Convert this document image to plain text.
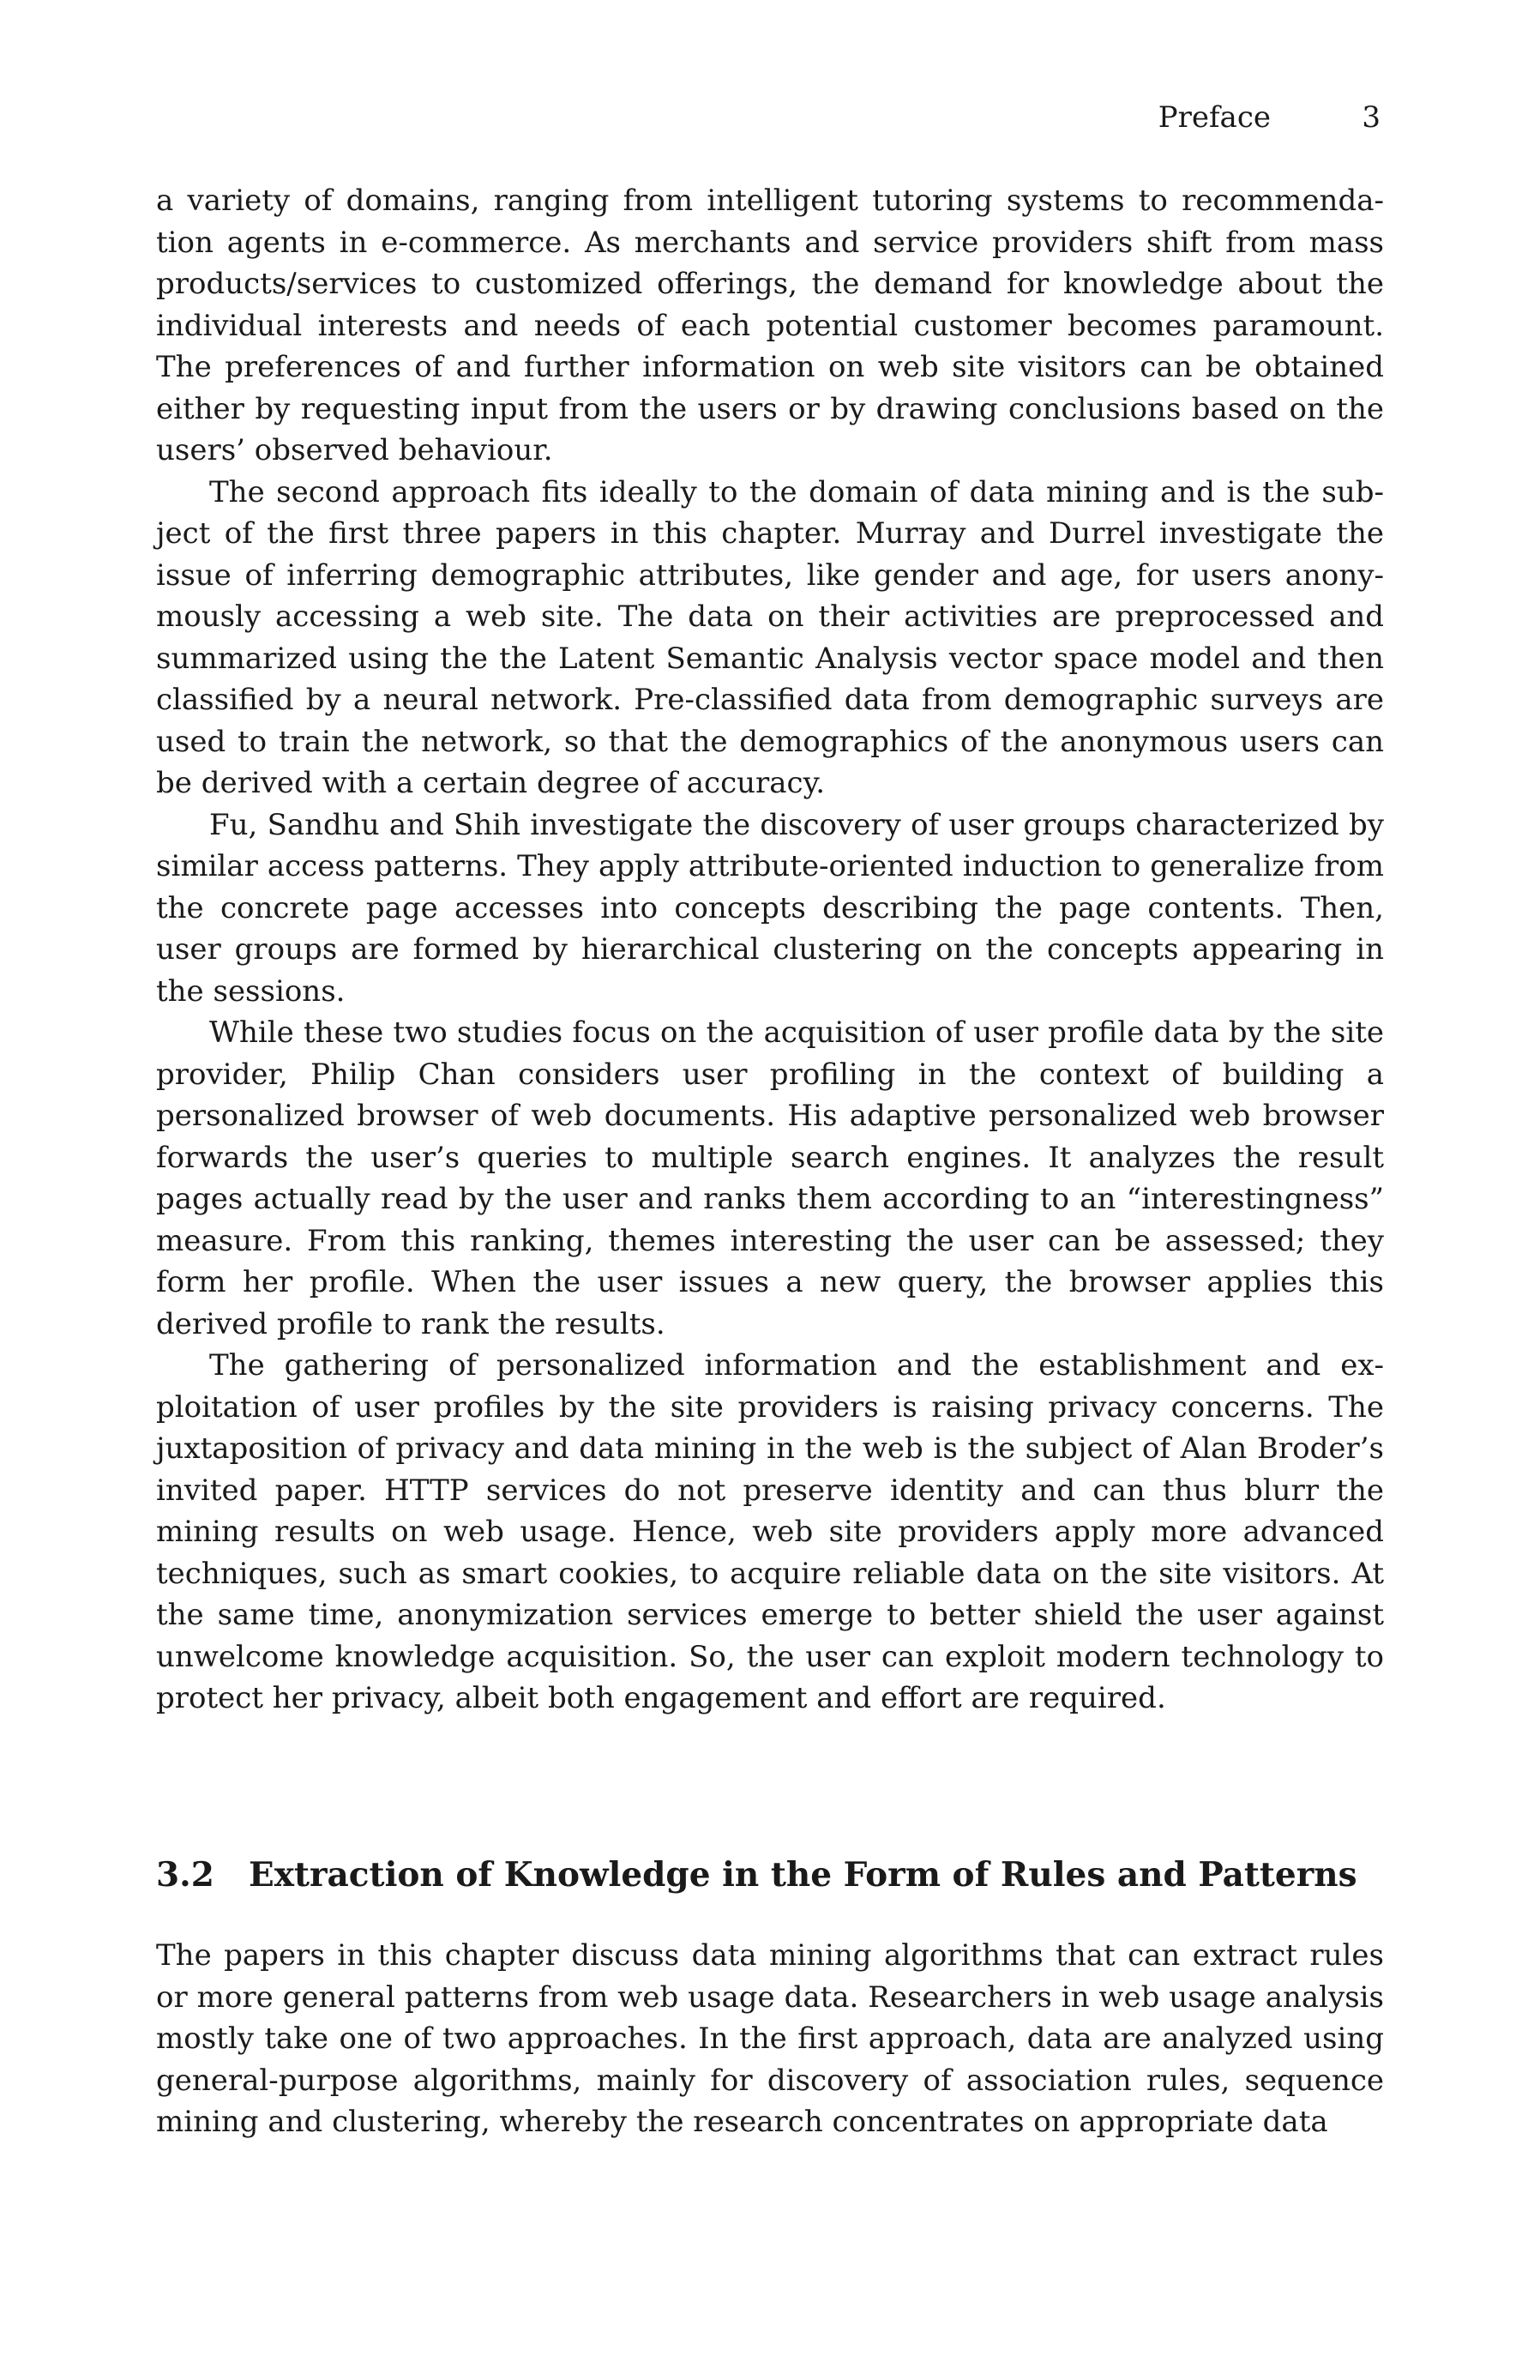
Preface	3

a variety of domains, ranging from intelligent tutoring systems to recommendation agents in e-commerce. As merchants and service providers shift from mass products/services to customized offerings, the demand for knowledge about the individual interests and needs of each potential customer becomes paramount. The preferences of and further information on web site visitors can be obtained either by requesting input from the users or by drawing conclusions based on the users’ observed behaviour.

The second approach fits ideally to the domain of data mining and is the subject of the first three papers in this chapter. Murray and Durrel investigate the issue of inferring demographic attributes, like gender and age, for users anonymously accessing a web site. The data on their activities are preprocessed and summarized using the the Latent Semantic Analysis vector space model and then classified by a neural network. Pre-classified data from demographic surveys are used to train the network, so that the demographics of the anonymous users can be derived with a certain degree of accuracy.

Fu, Sandhu and Shih investigate the discovery of user groups characterized by similar access patterns. They apply attribute-oriented induction to generalize from the concrete page accesses into concepts describing the page contents. Then, user groups are formed by hierarchical clustering on the concepts appearing in the sessions.

While these two studies focus on the acquisition of user profile data by the site provider, Philip Chan considers user profiling in the context of building a personalized browser of web documents. His adaptive personalized web browser forwards the user’s queries to multiple search engines. It analyzes the result pages actually read by the user and ranks them according to an “interestingness” measure. From this ranking, themes interesting the user can be assessed; they form her profile. When the user issues a new query, the browser applies this derived profile to rank the results.

The gathering of personalized information and the establishment and exploitation of user profiles by the site providers is raising privacy concerns. The juxtaposition of privacy and data mining in the web is the subject of Alan Broder’s invited paper. HTTP services do not preserve identity and can thus blurr the mining results on web usage. Hence, web site providers apply more advanced techniques, such as smart cookies, to acquire reliable data on the site visitors. At the same time, anonymization services emerge to better shield the user against unwelcome knowledge acquisition. So, the user can exploit modern technology to protect her privacy, albeit both engagement and effort are required.

3.2 Extraction of Knowledge in the Form of Rules and Patterns

The papers in this chapter discuss data mining algorithms that can extract rules or more general patterns from web usage data. Researchers in web usage analysis mostly take one of two approaches. In the first approach, data are analyzed using general-purpose algorithms, mainly for discovery of association rules, sequence mining and clustering, whereby the research concentrates on appropriate data
